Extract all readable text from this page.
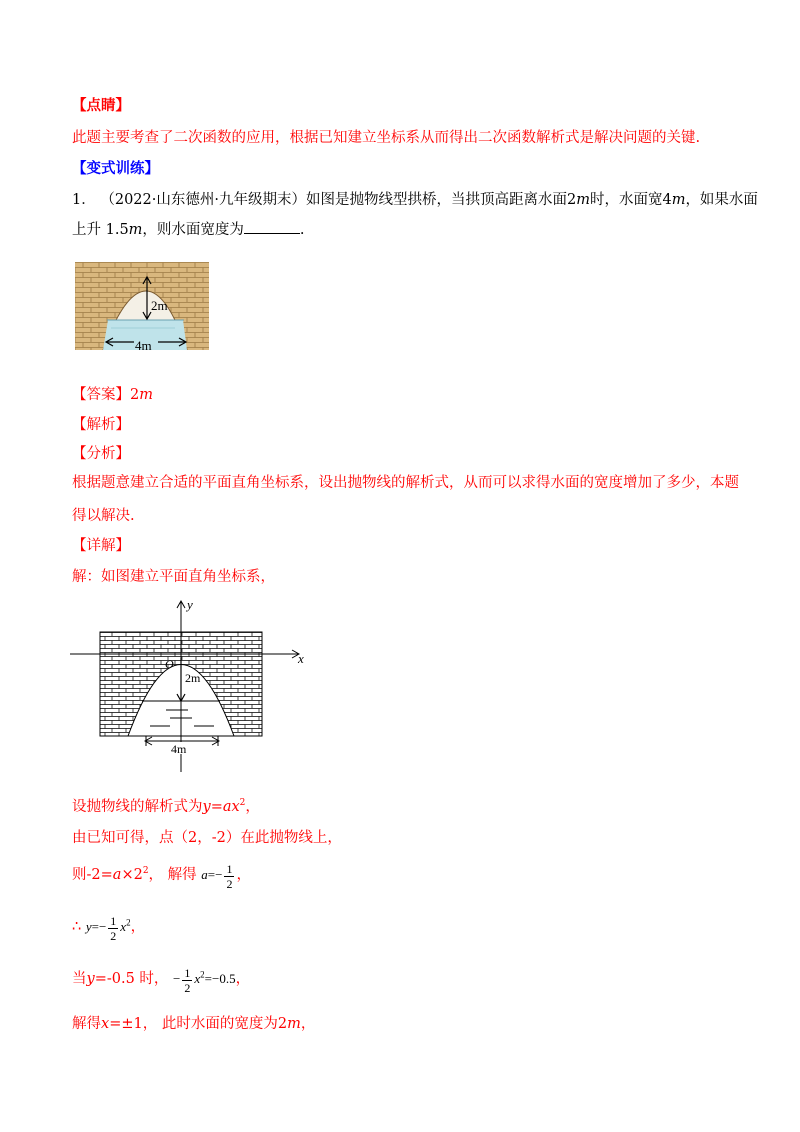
【点睛】
此题主要考查了二次函数的应用，根据已知建立坐标系从而得出二次函数解析式是解决问题的关键.
【变式训练】
1． （2022·山东德州·九年级期末）如图是抛物线型拱桥，当拱顶高距离水面2m时，水面宽4m，如果水面
上升 1.5m，则水面宽度为	.
2m
4m
【答案】2m
【解析】
【分析】
根据题意建立合适的平面直角坐标系，设出抛物线的解析式，从而可以求得水面的宽度增加了多少，本题
得以解决.
【详解】
解：如图建立平面直角坐标系，
x
y
O
2m
4m
设抛物线的解析式为$y=ax^2$，
由已知可得，点（2，-2）在此抛物线上，
则$-2=a\times 2^2$， 解得 $a=- \frac{1}{2}$ ，
∴ $y=- \frac{1}{2} x^2$，
当y=-0.5 时， − $\frac{1}{2} x^2=-0.5$，
解得x=±1， 此时水面的宽度为2m，
